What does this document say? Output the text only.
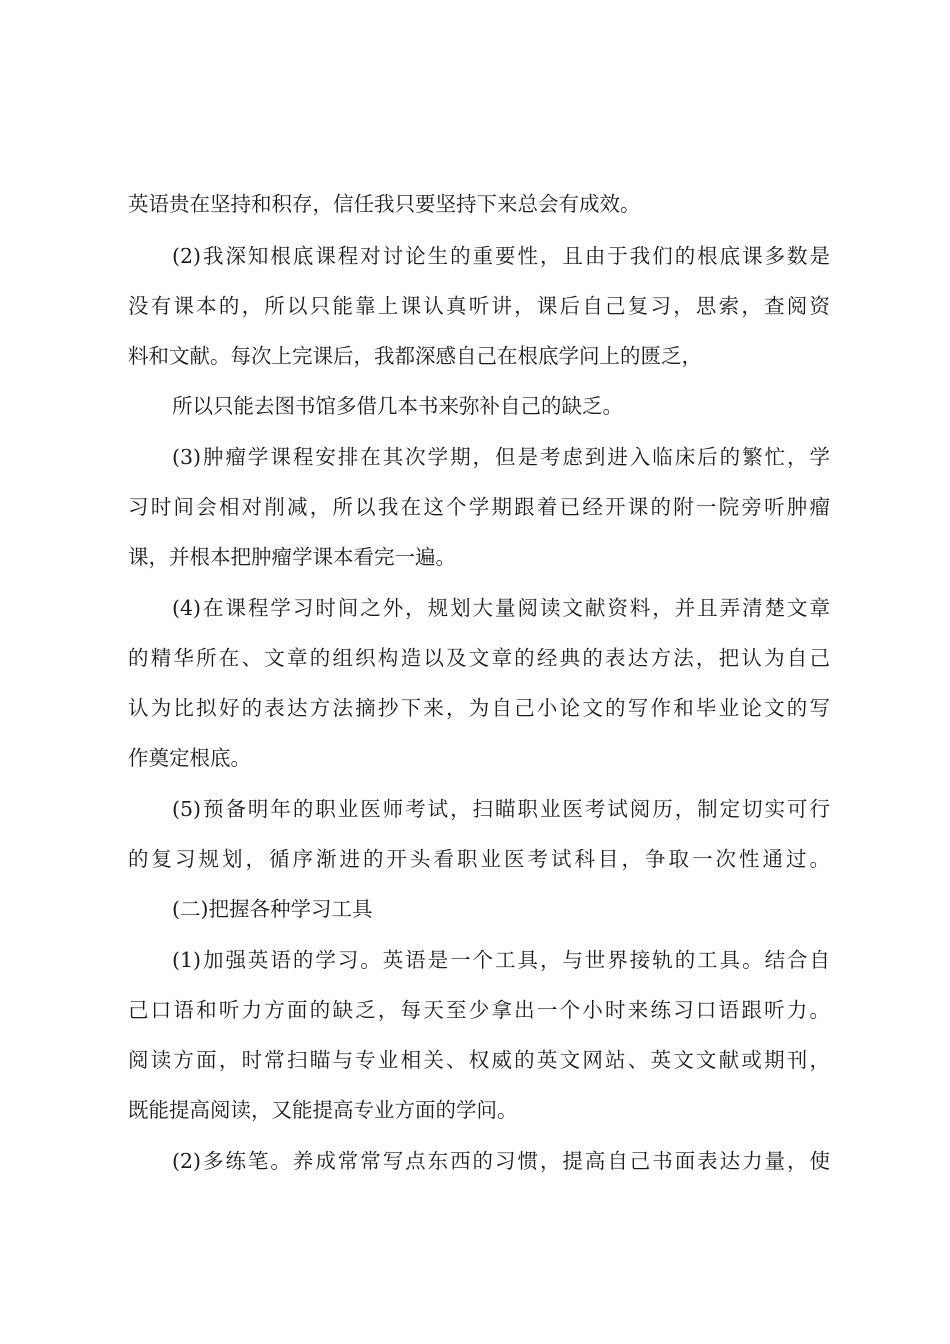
英语贵在坚持和积存，信任我只要坚持下来总会有成效。

(2)我深知根底课程对讨论生的重要性，且由于我们的根底课多数是

没有课本的，所以只能靠上课认真听讲，课后自己复习，思索，查阅资

料和文献。每次上完课后，我都深感自己在根底学问上的匮乏，

所以只能去图书馆多借几本书来弥补自己的缺乏。

(3)肿瘤学课程安排在其次学期，但是考虑到进入临床后的繁忙，学

习时间会相对削减，所以我在这个学期跟着已经开课的附一院旁听肿瘤

课，并根本把肿瘤学课本看完一遍。

(4)在课程学习时间之外，规划大量阅读文献资料，并且弄清楚文章

的精华所在、文章的组织构造以及文章的经典的表达方法，把认为自己

认为比拟好的表达方法摘抄下来，为自己小论文的写作和毕业论文的写

作奠定根底。

(5)预备明年的职业医师考试，扫瞄职业医考试阅历，制定切实可行

的复习规划，循序渐进的开头看职业医考试科目，争取一次性通过。

(二)把握各种学习工具

(1)加强英语的学习。英语是一个工具，与世界接轨的工具。结合自

己口语和听力方面的缺乏，每天至少拿出一个小时来练习口语跟听力。

阅读方面，时常扫瞄与专业相关、权威的英文网站、英文文献或期刊，

既能提高阅读，又能提高专业方面的学问。

(2)多练笔。养成常常写点东西的习惯，提高自己书面表达力量，使
